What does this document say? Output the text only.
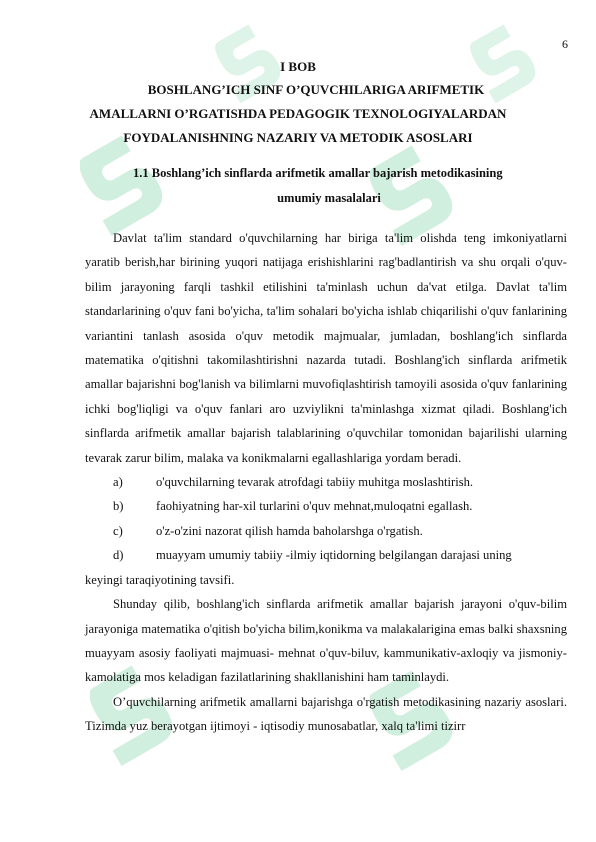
6
I BOB
BOSHLANG’ICH SINF O’QUVCHILARIGA ARIFMETIK
AMALLARNI O’RGATISHDA PEDAGOGIK TEXNOLOGIYALARDAN
FOYDALANISHNING NAZARIY VA METODIK ASOSLARI
1.1 Boshlang’ich sinflarda arifmetik amallar bajarish metodikasining
umumiy masalalari

Davlat ta'lim standard o'quvchilarning har biriga ta'lim olishda teng imkoniyatlarni yaratib berish,har birining yuqori natijaga erishishlarini rag'badlantirish va shu orqali o'quv-bilim jarayoning farqli tashkil etilishini ta'minlash uchun da'vat etilga. Davlat ta'lim standarlarining o'quv fani bo'yicha, ta'lim sohalari bo'yicha ishlab chiqarilishi o'quv fanlarining variantini tanlash asosida o'quv metodik majmualar, jumladan, boshlang'ich sinflarda matematika o'qitishni takomilashtirishni nazarda tutadi. Boshlang'ich sinflarda arifmetik amallar bajarishni bog'lanish va bilimlarni muvofiqlashtirish tamoyili asosida o'quv fanlarining ichki bog'liqligi va o'quv fanlari aro uzviylikni ta'minlashga xizmat qiladi. Boshlang'ich sinflarda arifmetik amallar bajarish talablarining o'quvchilar tomonidan bajarilishi ularning tevarak zarur bilim, malaka va konikmalarni egallashlariga yordam beradi.

a)	o'quvchilarning tevarak atrofdagi tabiiy muhitga moslashtirish.
b)	faohiyatning har-xil turlarini o'quv mehnat,muloqatni egallash.
c)	o'z-o'zini nazorat qilish hamda baholarshga o'rgatish.
d)	muayyam umumiy tabiiy -ilmiy iqtidorning belgilangan darajasi uning

keyingi taraqiyotining tavsifi.

Shunday qilib, boshlang'ich sinflarda arifmetik amallar bajarish jarayoni o'quv-bilim jarayoniga matematika o'qitish bo'yicha bilim,konikma va malakalarigina emas balki shaxsning muayyam asosiy faoliyati majmuasi- mehnat o'quv-biluv, kammunikativ-axloqiy va jismoniy- kamolatiga mos keladigan fazilatlarining shakllanishini ham taminlaydi.

O’quvchilarning arifmetik amallarni bajarishga o'rgatish metodikasining nazariy asoslari. Tizimda yuz berayotgan ijtimoyi - iqtisodiy munosabatlar, xalq ta'limi tizirr
